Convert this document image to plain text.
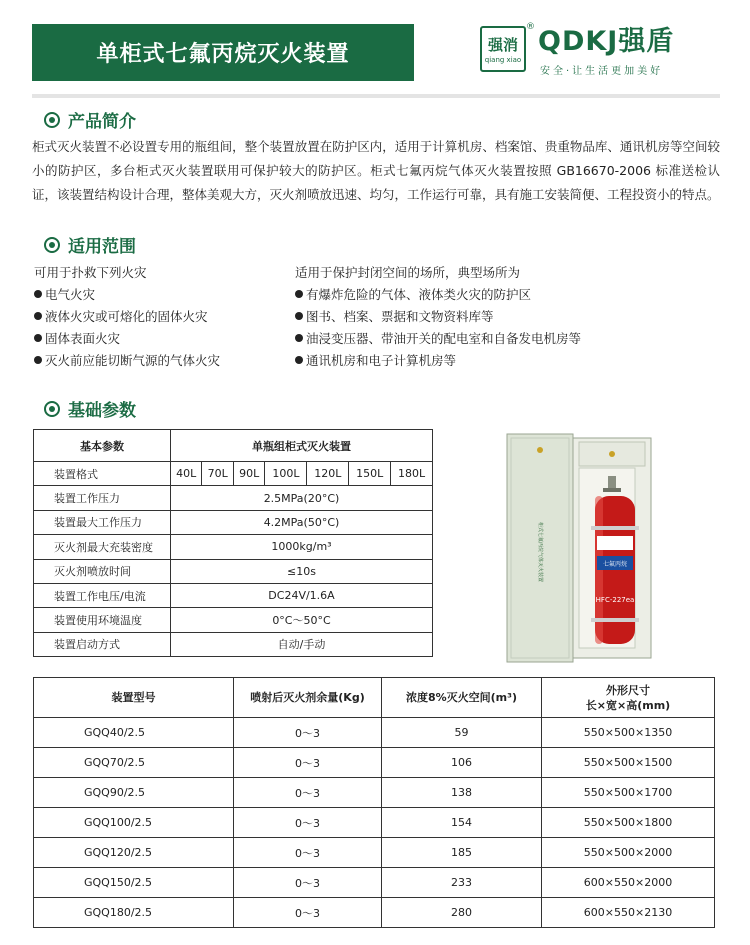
单柜式七氟丙烷灭火装置	强消
qiang xiao
® QDKJ强盾
安全·让生活更加美好
产品简介
柜式灭火装置不必设置专用的瓶组间，整个装置放置在防护区内，适用于计算机房、档案馆、贵重物品库、通讯机房等空间较小的防护区，多台柜式灭火装置联用可保护较大的防护区。柜式七氟丙烷气体灭火装置按照 GB16670-2006 标准送检认证，该装置结构设计合理，整体美观大方，灭火剂喷放迅速、均匀，工作运行可靠，具有施工安装简便、工程投资小的特点。
适用范围
可用于扑救下列火灾
电气火灾
液体火灾或可熔化的固体火灾
固体表面火灾
灭火前应能切断气源的气体火灾
适用于保护封闭空间的场所，典型场所为
有爆炸危险的气体、液体类火灾的防护区
图书、档案、票据和文物资料库等
油浸变压器、带油开关的配电室和自备发电机房等
通讯机房和电子计算机房等
基础参数
基本参数	单瓶组柜式灭火装置						
装置格式	40L	70L	90L	100L	120L	150L	180L
装置工作压力	2.5MPa(20°C)						
装置最大工作压力	4.2MPa(50°C)						
灭火剂最大充装密度	1000kg/m³						
灭火剂喷放时间	≤10s						
装置工作电压/电流	DC24V/1.6A						
装置使用环境温度	0°C～50°C						
装置启动方式	自动/手动						
柜式七氟丙烷气体灭火装置	七氟丙烷
HFC-227ea
装置型号	喷射后灭火剂余量(Kg)	浓度8%灭火空间(m³)	外形尺寸
长×宽×高(mm)

GQQ40/2.5	0～3	59	550×500×1350
GQQ70/2.5	0～3	106	550×500×1500
GQQ90/2.5	0～3	138	550×500×1700
GQQ100/2.5	0～3	154	550×500×1800
GQQ120/2.5	0～3	185	550×500×2000
GQQ150/2.5	0～3	233	600×550×2000
GQQ180/2.5	0～3	280	600×550×2130
